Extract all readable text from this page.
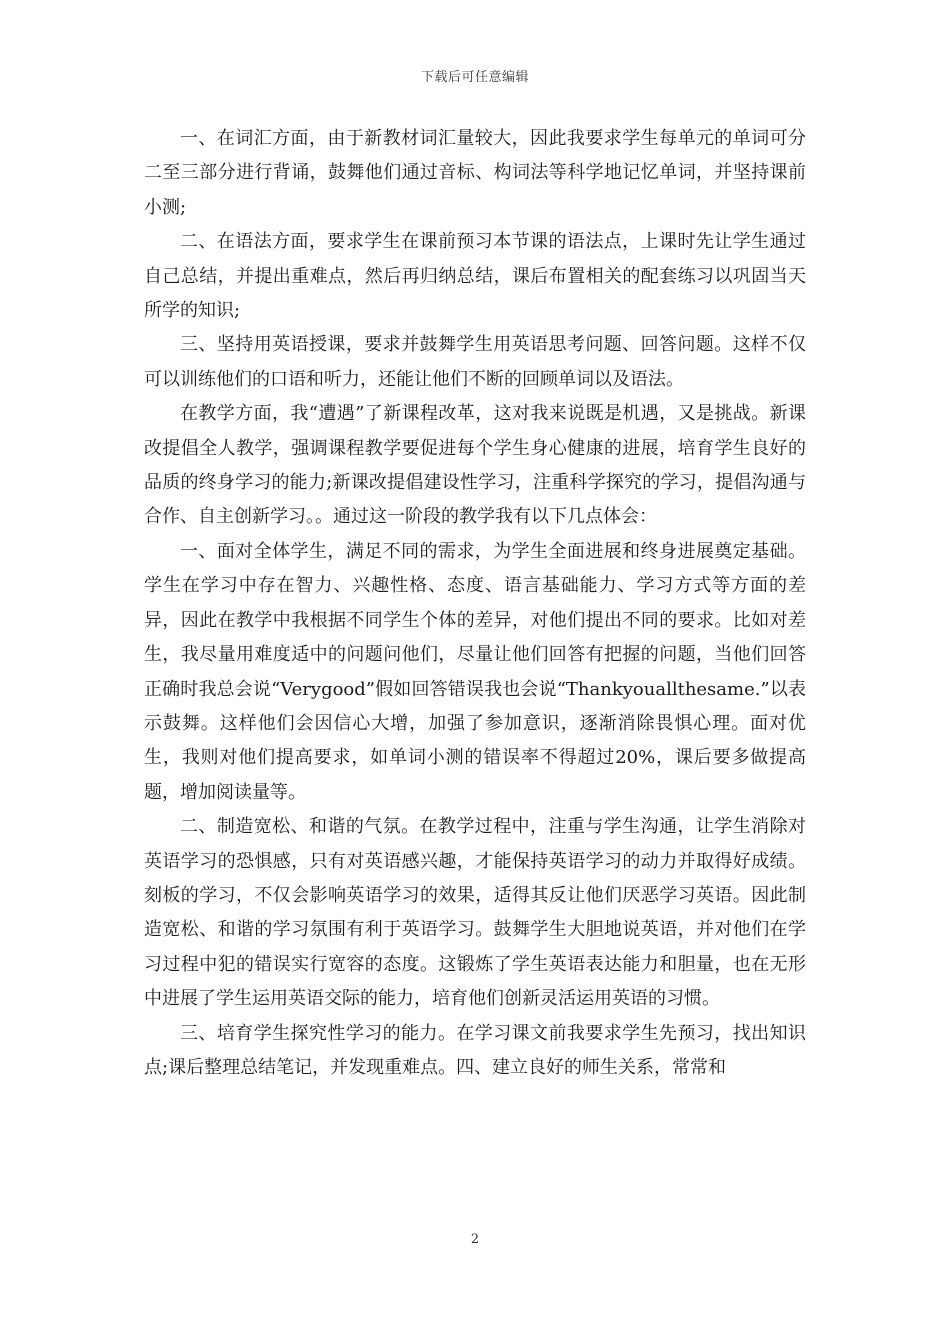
下载后可任意编辑

一、在词汇方面，由于新教材词汇量较大，因此我要求学生每单元的单词可分二至三部分进行背诵，鼓舞他们通过音标、构词法等科学地记忆单词，并坚持课前小测;

二、在语法方面，要求学生在课前预习本节课的语法点，上课时先让学生通过自己总结，并提出重难点，然后再归纳总结，课后布置相关的配套练习以巩固当天所学的知识;

三、坚持用英语授课，要求并鼓舞学生用英语思考问题、回答问题。这样不仅可以训练他们的口语和听力，还能让他们不断的回顾单词以及语法。

在教学方面，我“遭遇”了新课程改革，这对我来说既是机遇，又是挑战。新课改提倡全人教学，强调课程教学要促进每个学生身心健康的进展，培育学生良好的品质的终身学习的能力;新课改提倡建设性学习，注重科学探究的学习，提倡沟通与合作、自主创新学习。。通过这一阶段的教学我有以下几点体会：

一、面对全体学生，满足不同的需求，为学生全面进展和终身进展奠定基础。学生在学习中存在智力、兴趣性格、态度、语言基础能力、学习方式等方面的差异，因此在教学中我根据不同学生个体的差异，对他们提出不同的要求。比如对差生，我尽量用难度适中的问题问他们，尽量让他们回答有把握的问题，当他们回答正确时我总会说“Verygood”假如回答错误我也会说“Thankyouallthesame.”以表示鼓舞。这样他们会因信心大增，加强了参加意识，逐渐消除畏惧心理。面对优生，我则对他们提高要求，如单词小测的错误率不得超过20%，课后要多做提高题，增加阅读量等。

二、制造宽松、和谐的气氛。在教学过程中，注重与学生沟通，让学生消除对英语学习的恐惧感，只有对英语感兴趣，才能保持英语学习的动力并取得好成绩。刻板的学习，不仅会影响英语学习的效果，适得其反让他们厌恶学习英语。因此制造宽松、和谐的学习氛围有利于英语学习。鼓舞学生大胆地说英语，并对他们在学习过程中犯的错误实行宽容的态度。这锻炼了学生英语表达能力和胆量，也在无形中进展了学生运用英语交际的能力，培育他们创新灵活运用英语的习惯。

三、培育学生探究性学习的能力。在学习课文前我要求学生先预习，找出知识点;课后整理总结笔记，并发现重难点。四、建立良好的师生关系，常常和

2
